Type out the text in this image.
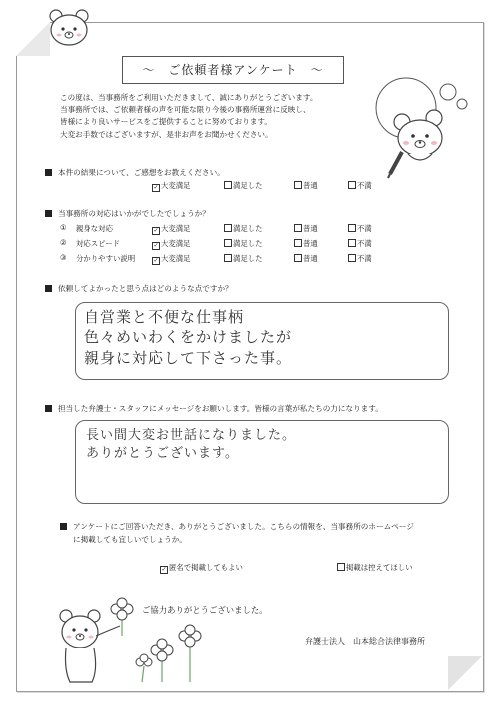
～　ご依頼者様アンケート　～
この度は、当事務所をご利用いただきまして、誠にありがとうございます。
当事務所では、ご依頼者様の声を可能な限り今後の事務所運営に反映し、
皆様により良いサービスをご提供することに努めております。
大変お手数ではございますが、是非お声をお聞かせください。
本件の結果について、ご感想をお教えください。
✓大変満足	満足した	普通	不満
当事務所の対応はいかがでしたでしょうか？
① 親身な対応 ✓	大変満足	満足した	普通	不満
② 対応スピード ✓	大変満足	満足した	普通	不満
③ 分かりやすい説明 ✓	大変満足	満足した	普通	不満
依頼してよかったと思う点はどのような点ですか？
自営業と不便な仕事柄
色々めいわくをかけましたが
親身に対応して下さった事。
担当した弁護士・スタッフにメッセージをお願いします。皆様の言葉が私たちの力になります。
長い間大変お世話になりました。
ありがとうございます。
アンケートにご回答いただき、ありがとうございました。こちらの情報を、当事務所のホームページ
に掲載しても宜しいでしょうか。
✓匿名で掲載してもよい	掲載は控えてほしい
ご協力ありがとうございました。
弁護士法人　山本総合法律事務所
